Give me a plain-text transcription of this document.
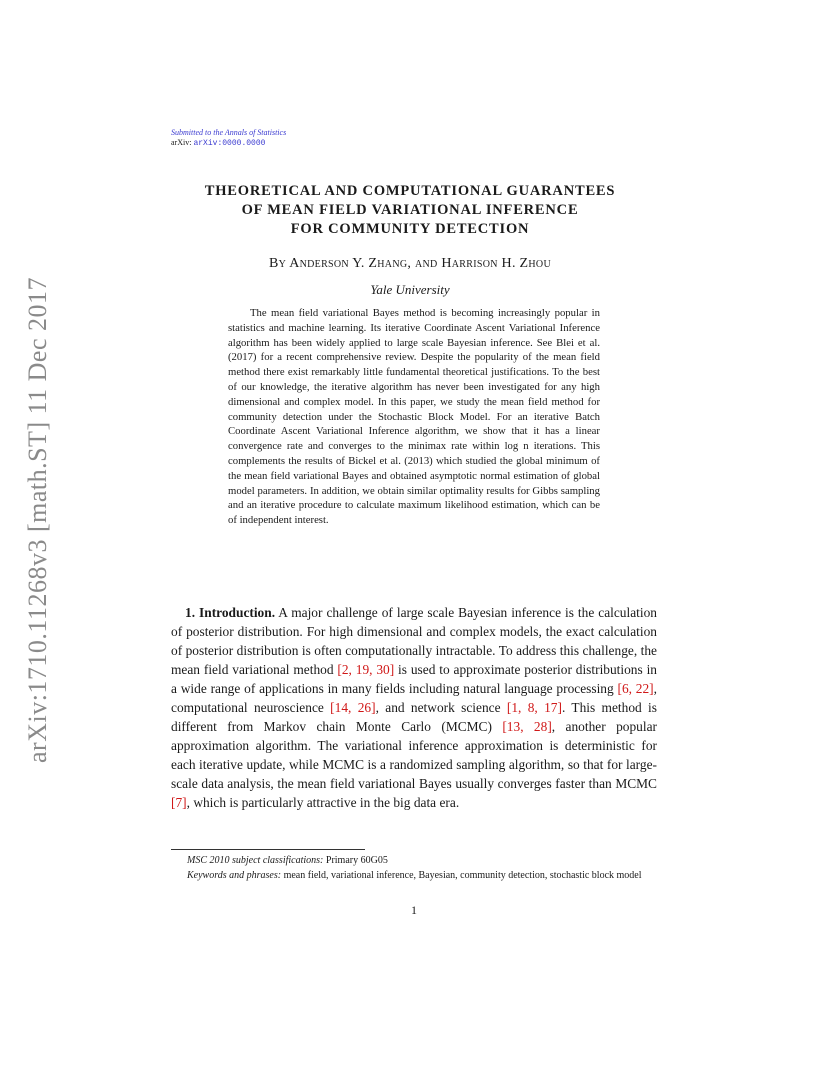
arXiv:1710.11268v3 [math.ST] 11 Dec 2017
Submitted to the Annals of Statistics
arXiv: arXiv:0000.0000
THEORETICAL AND COMPUTATIONAL GUARANTEES
OF MEAN FIELD VARIATIONAL INFERENCE
FOR COMMUNITY DETECTION
By Anderson Y. Zhang, and Harrison H. Zhou
Yale University
The mean field variational Bayes method is becoming increasingly popular in statistics and machine learning. Its iterative Coordinate Ascent Variational Inference algorithm has been widely applied to large scale Bayesian inference. See Blei et al. (2017) for a recent comprehensive review. Despite the popularity of the mean field method there exist remarkably little fundamental theoretical justifications. To the best of our knowledge, the iterative algorithm has never been investigated for any high dimensional and complex model. In this paper, we study the mean field method for community detection under the Stochastic Block Model. For an iterative Batch Coordinate Ascent Variational Inference algorithm, we show that it has a linear convergence rate and converges to the minimax rate within log n iterations. This complements the results of Bickel et al. (2013) which studied the global minimum of the mean field variational Bayes and obtained asymptotic normal estimation of global model parameters. In addition, we obtain similar optimality results for Gibbs sampling and an iterative procedure to calculate maximum likelihood estimation, which can be of independent interest.
1. Introduction. A major challenge of large scale Bayesian inference is the calculation of posterior distribution. For high dimensional and complex models, the exact calculation of posterior distribution is often computationally intractable. To address this challenge, the mean field variational method [2, 19, 30] is used to approximate posterior distributions in a wide range of applications in many fields including natural language processing [6, 22], computational neuroscience [14, 26], and network science [1, 8, 17]. This method is different from Markov chain Monte Carlo (MCMC) [13, 28], another popular approximation algorithm. The variational inference approximation is deterministic for each iterative update, while MCMC is a randomized sampling algorithm, so that for large-scale data analysis, the mean field variational Bayes usually converges faster than MCMC [7], which is particularly attractive in the big data era.
MSC 2010 subject classifications: Primary 60G05
Keywords and phrases: mean field, variational inference, Bayesian, community detection, stochastic block model
1
